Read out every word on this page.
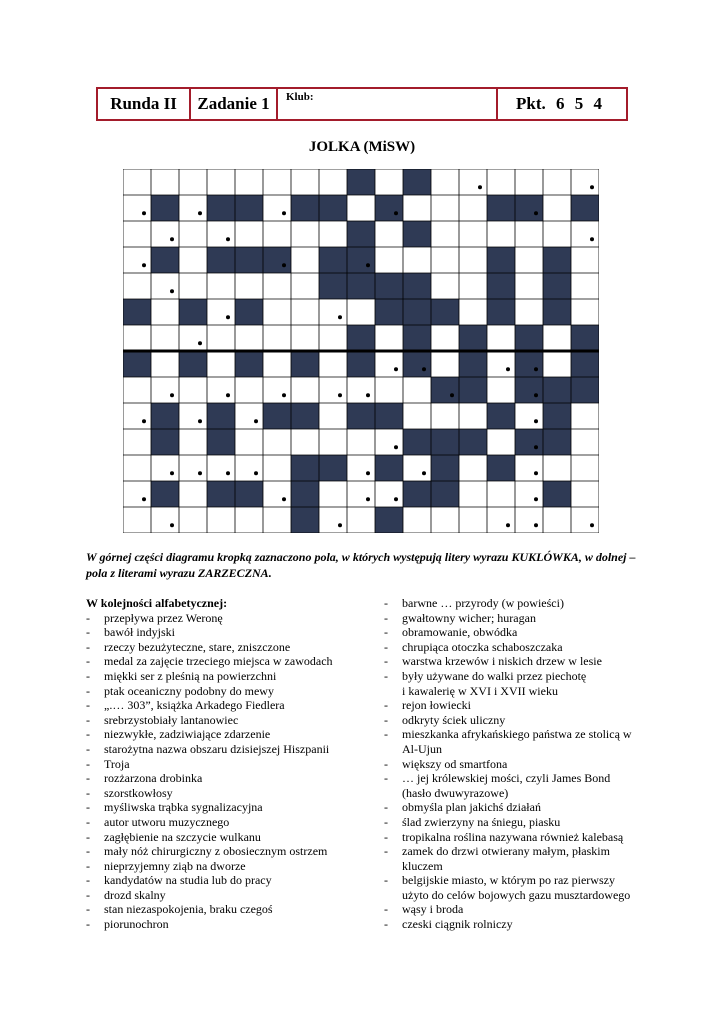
Runda II	Zadanie 1	Klub:	Pkt. 6 5 4
JOLKA (MiSW)
W górnej części diagramu kropką zaznaczono pola, w których występują litery wyrazu KUKLÓWKA, w dolnej – pola z literami wyrazu ZARZECZNA.
W kolejności alfabetycznej:
- przepływa przez Weronę
- bawół indyjski
- rzeczy bezużyteczne, stare, zniszczone
- medal za zajęcie trzeciego miejsca w zawodach
- miękki ser z pleśnią na powierzchni
- ptak oceaniczny podobny do mewy
- „.… 303”, książka Arkadego Fiedlera
- srebrzystobiały lantanowiec
- niezwykłe, zadziwiające zdarzenie
- starożytna nazwa obszaru dzisiejszej Hiszpanii
- Troja
- rozżarzona drobinka
- szorstkowłosy
- myśliwska trąbka sygnalizacyjna
- autor utworu muzycznego
- zagłębienie na szczycie wulkanu
- mały nóż chirurgiczny z obosiecznym ostrzem
- nieprzyjemny ziąb na dworze
- kandydatów na studia lub do pracy
- drozd skalny
- stan niezaspokojenia, braku czegoś
- piorunochron
- barwne … przyrody (w powieści)
- gwałtowny wicher; huragan
- obramowanie, obwódka
- chrupiąca otoczka schaboszczaka
- warstwa krzewów i niskich drzew w lesie
- były używane do walki przez piechotę
i kawalerię w XVI i XVII wieku
- rejon łowiecki
- odkryty ściek uliczny
- mieszkanka afrykańskiego państwa ze stolicą w
Al-Ujun
- większy od smartfona
- … jej królewskiej mości, czyli James Bond
(hasło dwuwyrazowe)
- obmyśla plan jakichś działań
- ślad zwierzyny na śniegu, piasku
- tropikalna roślina nazywana również kalebasą
- zamek do drzwi otwierany małym, płaskim
kluczem
- belgijskie miasto, w którym po raz pierwszy
użyto do celów bojowych gazu musztardowego
- wąsy i broda
- czeski ciągnik rolniczy
